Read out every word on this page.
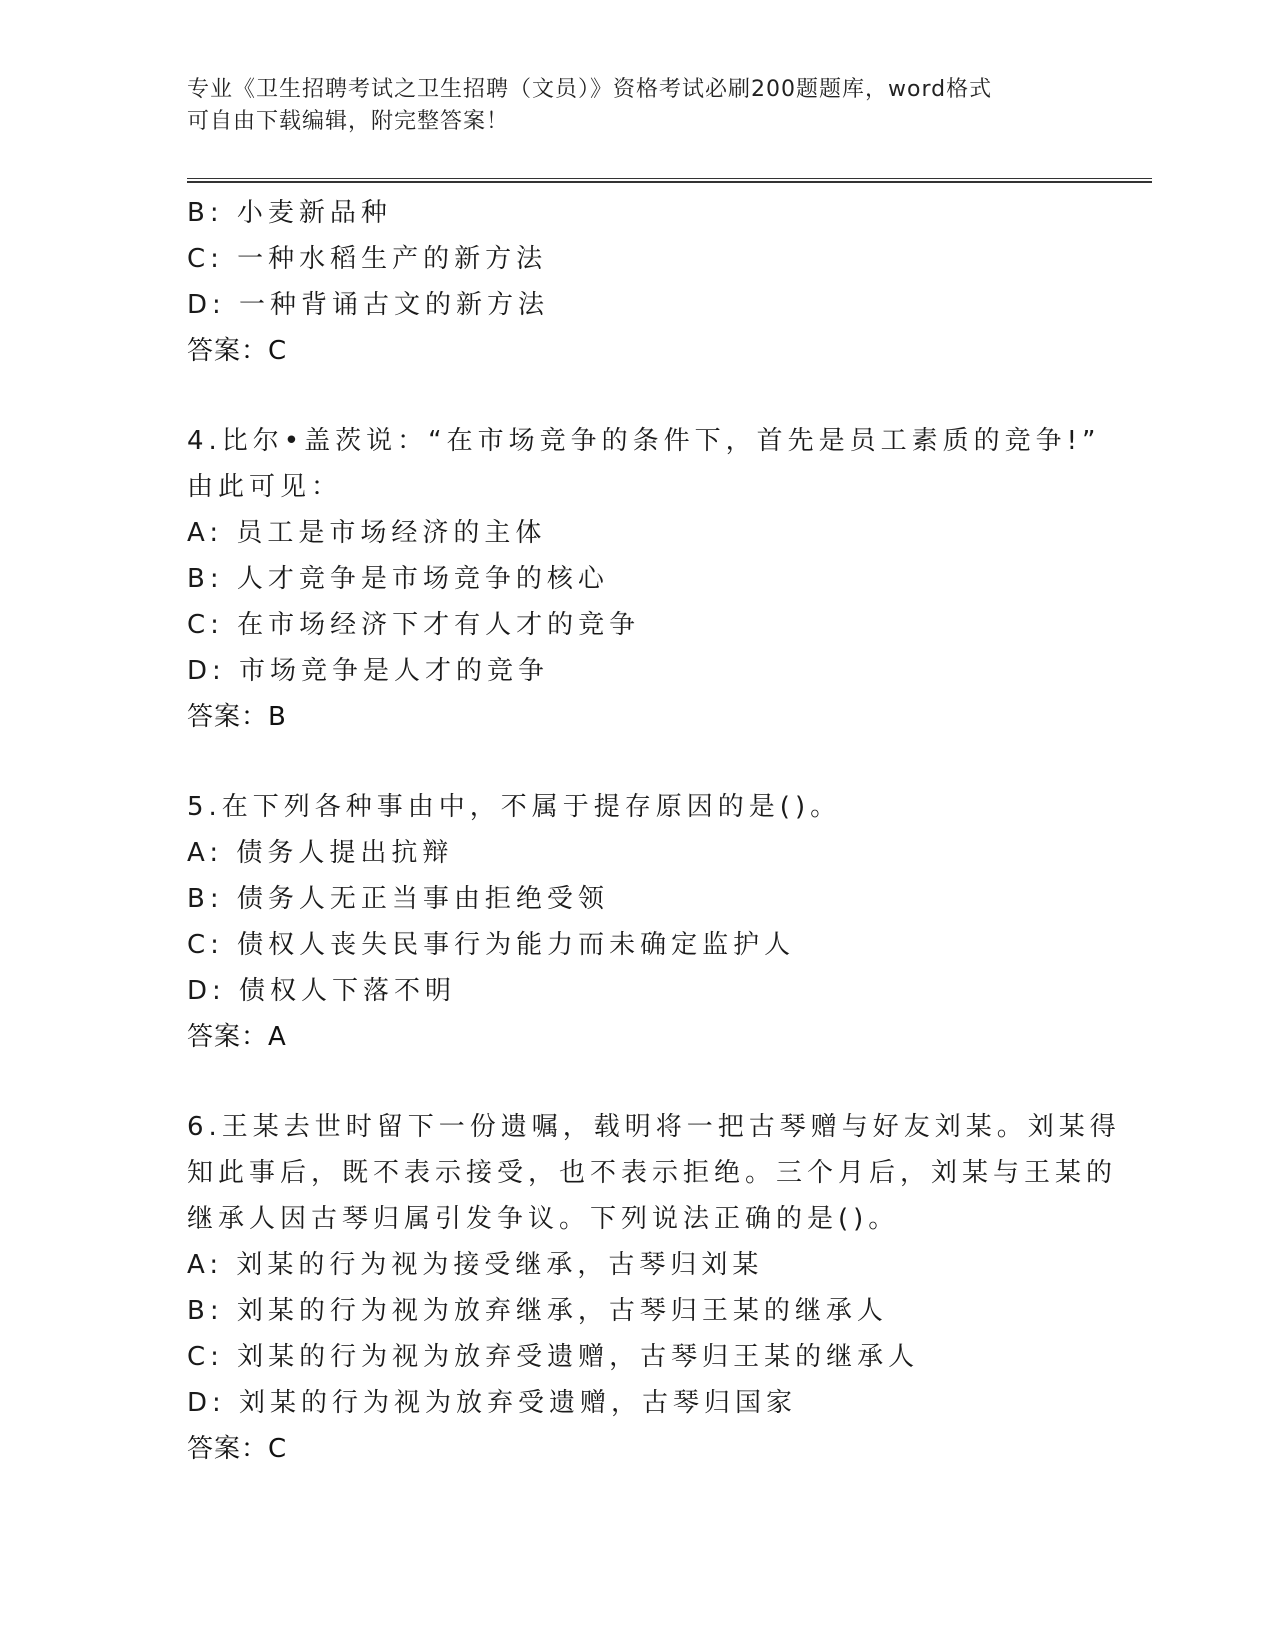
专业《卫生招聘考试之卫生招聘（文员）》资格考试必刷200题题库，word格式
可自由下载编辑，附完整答案！
B: 小麦新品种
C: 一种水稻生产的新方法
D: 一种背诵古文的新方法
答案：C
4.比尔•盖茨说：“在市场竞争的条件下，首先是员工素质的竞争!”
由此可见：
A: 员工是市场经济的主体
B: 人才竞争是市场竞争的核心
C: 在市场经济下才有人才的竞争
D: 市场竞争是人才的竞争
答案：B
5.在下列各种事由中，不属于提存原因的是()。
A: 债务人提出抗辩
B: 债务人无正当事由拒绝受领
C: 债权人丧失民事行为能力而未确定监护人
D: 债权人下落不明
答案：A
6.王某去世时留下一份遗嘱，载明将一把古琴赠与好友刘某。刘某得
知此事后，既不表示接受，也不表示拒绝。三个月后，刘某与王某的
继承人因古琴归属引发争议。下列说法正确的是()。
A: 刘某的行为视为接受继承，古琴归刘某
B: 刘某的行为视为放弃继承，古琴归王某的继承人
C: 刘某的行为视为放弃受遗赠，古琴归王某的继承人
D: 刘某的行为视为放弃受遗赠，古琴归国家
答案：C
